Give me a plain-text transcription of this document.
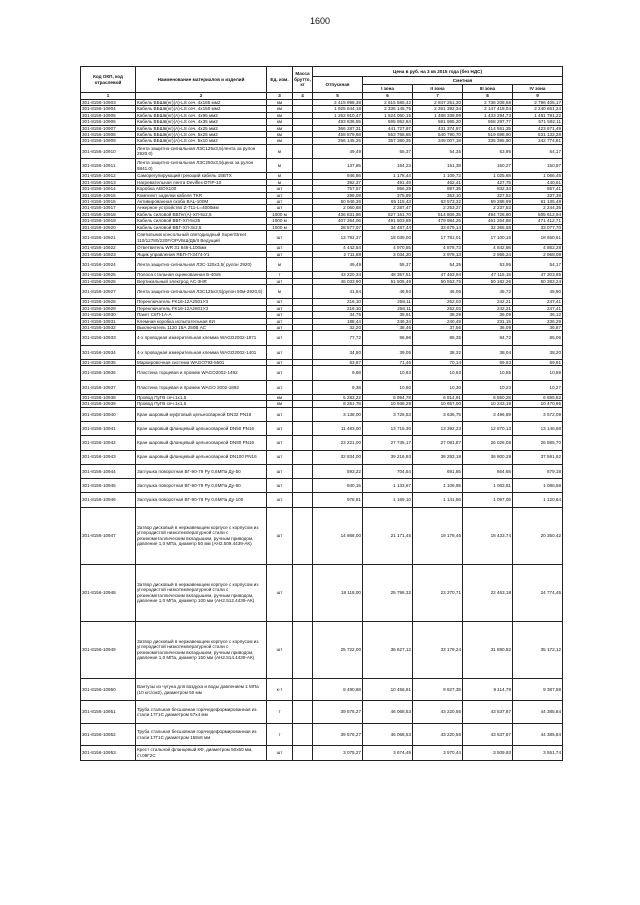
1600
Код ОКП, код отраслевой	Наименование материалов и изделий	Ед. изм.	Масса брутто, кг	Цена в руб. на 3 кв 2015 года (без НДС)				
				Отпускная	Сметная			
					I зона	II зона	III зона	IV зона
1	2	3	4	5	6	7	8	9
301-8156-10903	Кабель ВБШв(нг)(A)-LS сеч. 4х185 мм2	км		2 415 998,38	2 615 585,42	2 847 251,30	2 736 208,58	2 796 405,17
301-8156-10904	Кабель ВБШв(нг)(A)-LS сеч. 4х150 мм2	км		1 925 644,18	2 336 145,76	2 261 392,34	2 147 418,04	2 240 651,24
301-8156-10905	Кабель ВБШв(нг)(A)-LS сеч. 4х95 мм2	км		1 262 910,47	1 524 060,15	1 488 339,99	1 433 294,73	1 461 781,22
301-8156-10906	Кабель ВБШв(нг)(A)-LS сеч. 4х35 мм2	км		493 836,55	595 952,84	581 985,20	558 287,77	571 592,11
301-8156-10907	Кабель ВБШв(нг)(A)-LS сеч. 4х25 мм2	км		366 287,31	441 727,97	431 374,97	414 551,35	423 671,49
301-8156-10908	Кабель ВБШв(нг)(A)-LS сеч. 5х25 мм2	км		458 879,68	553 768,65	540 790,70	519 698,90	531 132,28
301-8156-10909	Кабель ВБШв(нг)(A)-LS сеч. 5х10 мм2	км		296 145,25	357 380,35	349 007,18	335 395,90	342 774,61
301-8156-10910	Лента защитно-сигнальная ЛЗС125х3,5(лента за рулон 2920.0)	м		49,49	55,37	54,35	53,95	54,17
301-8156-10911	Лента защитно-сигнальная ЛЗС250х3,5(цена за рулон 5841.0)	м		137,85	154,23	151,38	150,27	150,87
301-8156-10912	Саморегулирующий греющий кабель 15BTX	м		946,86	1 178,44	1 109,72	1 025,68	1 066,45
301-8156-10913	Нагревательная лента Deviflex DTIP-10	м		392,37	491,49	462,41	427,75	440,61
301-8156-10914	Коробка ABOX100	шт		757,57	956,29	897,35	832,34	857,41
301-8156-10915	Комплект заделки кабеля TKR	шт		296,09	375,89	353,10	327,52	337,38
301-8156-10916	Активированная скоба BAL-100М	шт		50 946,36	65 115,43	63 573,32	59 288,99	61 135,48
301-8156-10917	Анкерное устройство Z-711-L=4000мм	шт		2 060,68	2 287,47	2 253,37	2 237,53	2 244,35
301-8156-10918	Кабель силовой ВВГнг(A)-ХЛ-5х2,5	1000 м		436 831,86	527 161,70	514 806,35	494 728,60	505 612,94
301-8156-10919	Кабель силовой ВВГ-ХЛ-5х25	1000 м		407 264,06	491 503,69	479 984,26	461 264,88	471 412,71
301-8156-10920	Кабель силовой ВВГ-ХЛ-3х2,5	1000 м		28 577,07	34 487,44	33 679,14	32 365,68	33 077,70
301-8156-10921	Светильник консольный светодиодный SuperStreet 110/12780/220F/OPVБШ/Д5/II Ведущий	шт		13 792,37	18 039,00	17 781,01	17 100,15	18 650,61
301-8156-10922	Ответвитель WR 31 846-L100мм	шт		4 442,54	4 970,55	4 878,73	4 842,98	4 862,28
301-8156-10923	Ящик управления ЯБП-П-3474-У1	шт		2 711,88	3 034,20	2 978,13	2 956,24	2 968,08
301-8156-10924	Лента защитно-сигнальная ЛЗС-125х3,5( рулон 2920)	м		49,49	55,37	54,35	53,95	54,17
301-8156-10925	Полоса стальная оцинкованная Б-40х5	т		43 220,34	48 357,51	47 463,94	47 115,15	47 303,85
301-8156-10926	Вертикальный электрод AC-3HR	шт		46 033,90	51 505,49	50 553,75	50 182,26	50 383,24
301-8156-10927	Лента защитно-сигнальная ЛЗС125х3,5(рулон 50м-2920,5)	м		41,84	46,93	46,06	45,72	45,90
301-8156-10928	Переключатель FK16-12A2501У3	шт		216,10	258,11	252,03	242,21	247,41
301-8156-10929	Переключатель FK16-12A2801У3	шт		216,10	258,11	252,03	242,21	247,41
301-8156-10930	Пакет С8П-1А-А	шт		34,75	38,91	38,29	36,09	36,12
301-8156-10931	Клемная коробка испытательная КИ	шт		188,44	246,34	240,49	231,15	236,29
301-8156-10932	Выключатель 1120 15А 250В АС	шт		32,20	38,46	37,56	36,09	36,87
301-8156-10933	4-х проводная измерительная клемма WAGO2002-1871	шт		77,72	86,96	85,35	84,72	85,06
301-8156-10934	4-х проводная измерительная клемма WAGO2002-1401	шт		34,80	39,05	38,32	38,04	38,20
301-8156-10935	Маркировочная система WAGO793-5501	шт		63,87	71,46	70,14	69,63	69,91
301-8156-10936	Пластина торцевая и промеж WAGO2002-1492	шт		9,68	10,83	10,63	10,55	10,59
301-8156-10937	Пластина торцевая и промеж WAGO 2002-1892	шт		9,38	10,50	10,30	10,23	10,27
301-8156-10938	Провод ПуГВ сеч.1х1,5	км		5 283,22	6 994,78	6 814,91	6 550,28	6 695,92
301-8156-10939	Провод ПуГВ сеч.1х1,5	км		8 261,78	10 938,29	10 657,00	10 243,19	10 470,95
301-8156-10940	Кран шаровый муфтовый цельносварной DN32 PN16	шт		3 138,00	3 726,53	3 636,75	3 496,89	3 572,09
301-8156-10941	Кран шаровый фланцевый цельносварной DN50 PN16	шт		11 483,00	13 715,30	13 392,23	12 870,13	13 146,68
301-8156-10942	Кран шаровый фланцевый цельносварной DN80 PN16	шт		23 221,00	27 735,17	27 081,87	26 026,08	26 585,70
301-8156-10943	Кран шаровый фланцевый цельносварной DN100 PN16	шт		32 834,00	39 216,93	38 293,18	36 800,29	37 591,62
301-8156-10944	Заглушка поворотная ВГ-90-79 Ру 0,6МПа Ду-50	шт		593,22	704,54	691,85	664,68	679,18
301-8156-10945	Заглушка поворотная ВГ-90-79 Ру 0,6МПа Ду-80	шт		940,15	1 133,67	1 106,95	1 063,81	1 086,68
301-8156-10946	Заглушка поворотная ВГ-90-79 Ру 0,6МПа Ду-100	шт		978,81	1 169,10	1 141,56	1 097,05	1 120,64
301-8156-10947	Затвор дисковый в нержавеющем корпусе с корпусом из углеродистой низкотемпературной стали с резинометаллическим вкладышем, ручным приводом, давление 1,0 МПа, диаметр 50 мм (АН2.509.4439-АК)	шт		14 868,00	21 171,45	19 178,46	18 433,74	20 350,42
301-8156-10948	Затвор дисковый в нержавеющем корпусе с корпусом из углеродистой низкотемпературной стали с резинометаллическим вкладышем, ручным приводом, давление 1,0 МПа, диаметр 100 мм (АН2.512.4439-АК)	шт		18 118,00	25 796,32	23 370,71	22 463,18	24 774,45
301-8156-10949	Затвор дисковый в нержавеющем корпусе с корпусом из углеродистой низкотемпературной стали с резинометаллическим вкладышем, ручным приводом, давление 1,0 МПа, диаметр 150 мм (АН2.514.4439-АК)	шт		25 722,00	36 627,12	33 179,24	31 890,82	35 172,12
301-8156-10950	Вантузы из чугуна для воздуха и воды давлением 1 МПа (10 кгс/см2), диаметром 50 мм	к-т		8 490,68	10 456,61	9 627,35	9 114,79	9 387,58
301-8156-10951	Труба стальная бесшовная горячедеформированная из стали 17Г1С диаметром 57х4 мм	т		39 576,27	46 068,53	43 220,56	43 537,87	44 385,84
301-8156-10952	Труба стальная бесшовная горячедеформированная из стали 17Г1С диаметром 159х8 мм	т		39 576,27	46 068,53	43 220,56	43 537,87	44 385,84
301-8156-10953	Крест стальной фланцевый КФ, диаметром 50х50 мм, ст.09Г2С	шт		3 075,27	3 674,49	3 570,44	3 509,93	3 551,74
